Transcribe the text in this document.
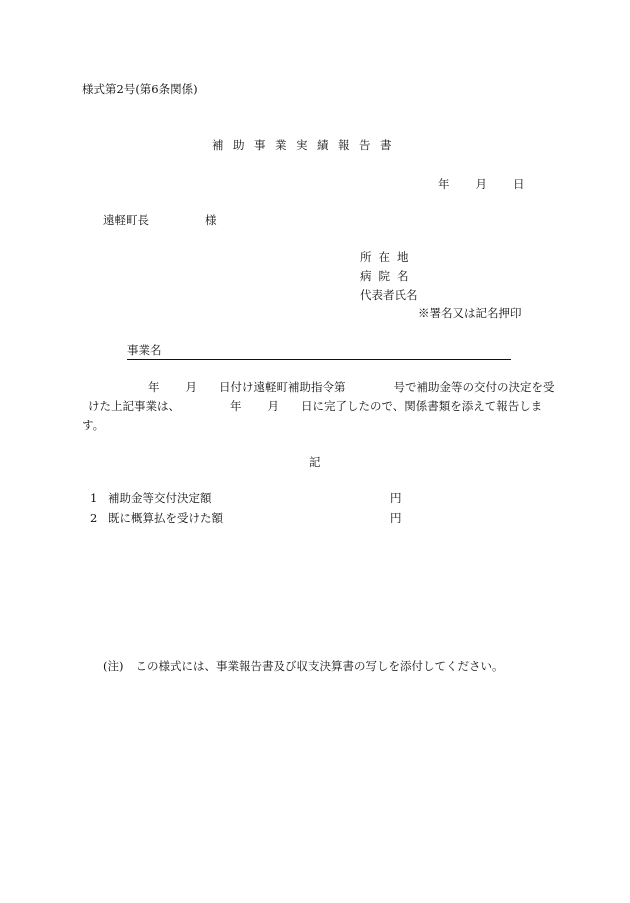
様式第2号(第6条関係)
補助事業実績報告書
年 月 日
遠軽町長	様
所在地
病院名
代表者氏名
※署名又は記名押印
事業名

年 月 日付け遠軽町補助指令第	号で補助金等の交付の決定を受

けた上記事業は、	年 月 日に完了したので、関係書類を添えて報告しま

す。

記
1 補助金等交付決定額	円
2 既に概算払を受けた額	円
(注) この様式には、事業報告書及び収支決算書の写しを添付してください。
